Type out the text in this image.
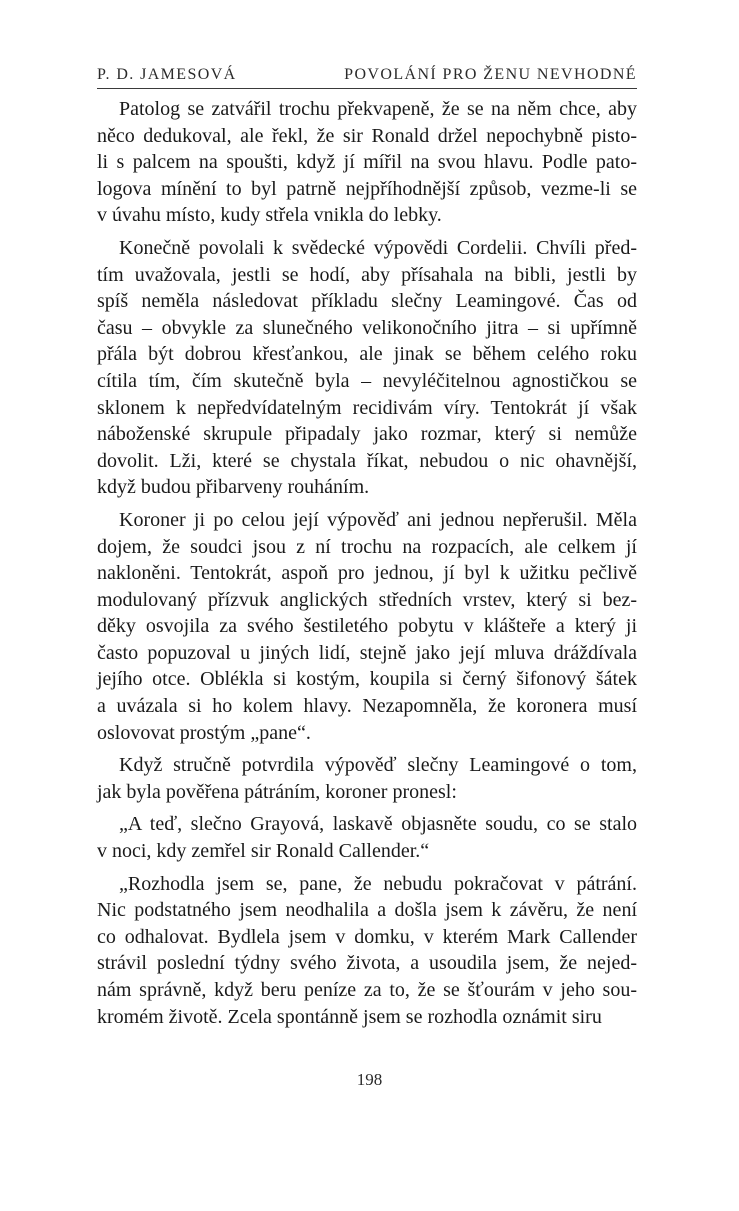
P. D. JAMESOVÁ	POVOLÁNÍ PRO ŽENU NEVHODNÉ
Patolog se zatvářil trochu překvapeně, že se na něm chce, aby
něco dedukoval, ale řekl, že sir Ronald držel nepochybně pisto-
li s palcem na spoušti, když jí mířil na svou hlavu. Podle pato-
logova mínění to byl patrně nejpříhodnější způsob, vezme-li se
v úvahu místo, kudy střela vnikla do lebky.
Konečně povolali k svědecké výpovědi Cordelii. Chvíli před-
tím uvažovala, jestli se hodí, aby přísahala na bibli, jestli by
spíš neměla následovat příkladu slečny Leamingové. Čas od
času – obvykle za slunečného velikonočního jitra – si upřímně
přála být dobrou křesťankou, ale jinak se během celého roku
cítila tím, čím skutečně byla – nevyléčitelnou agnostičkou se
sklonem k nepředvídatelným recidivám víry. Tentokrát jí však
náboženské skrupule připadaly jako rozmar, který si nemůže
dovolit. Lži, které se chystala říkat, nebudou o nic ohavnější,
když budou přibarveny rouháním.
Koroner ji po celou její výpověď ani jednou nepřerušil. Měla
dojem, že soudci jsou z ní trochu na rozpacích, ale celkem jí
nakloněni. Tentokrát, aspoň pro jednou, jí byl k užitku pečlivě
modulovaný přízvuk anglických středních vrstev, který si bez-
děky osvojila za svého šestiletého pobytu v klášteře a který ji
často popuzoval u jiných lidí, stejně jako její mluva dráždívala
jejího otce. Oblékla si kostým, koupila si černý šifonový šátek
a uvázala si ho kolem hlavy. Nezapomněla, že koronera musí
oslovovat prostým „pane“.
Když stručně potvrdila výpověď slečny Leamingové o tom,
jak byla pověřena pátráním, koroner pronesl:
„A teď, slečno Grayová, laskavě objasněte soudu, co se stalo
v noci, kdy zemřel sir Ronald Callender.“
„Rozhodla jsem se, pane, že nebudu pokračovat v pátrání.
Nic podstatného jsem neodhalila a došla jsem k závěru, že není
co odhalovat. Bydlela jsem v domku, v kterém Mark Callender
strávil poslední týdny svého života, a usoudila jsem, že nejed-
nám správně, když beru peníze za to, že se šťourám v jeho sou-
kromém životě. Zcela spontánně jsem se rozhodla oznámit siru
198
